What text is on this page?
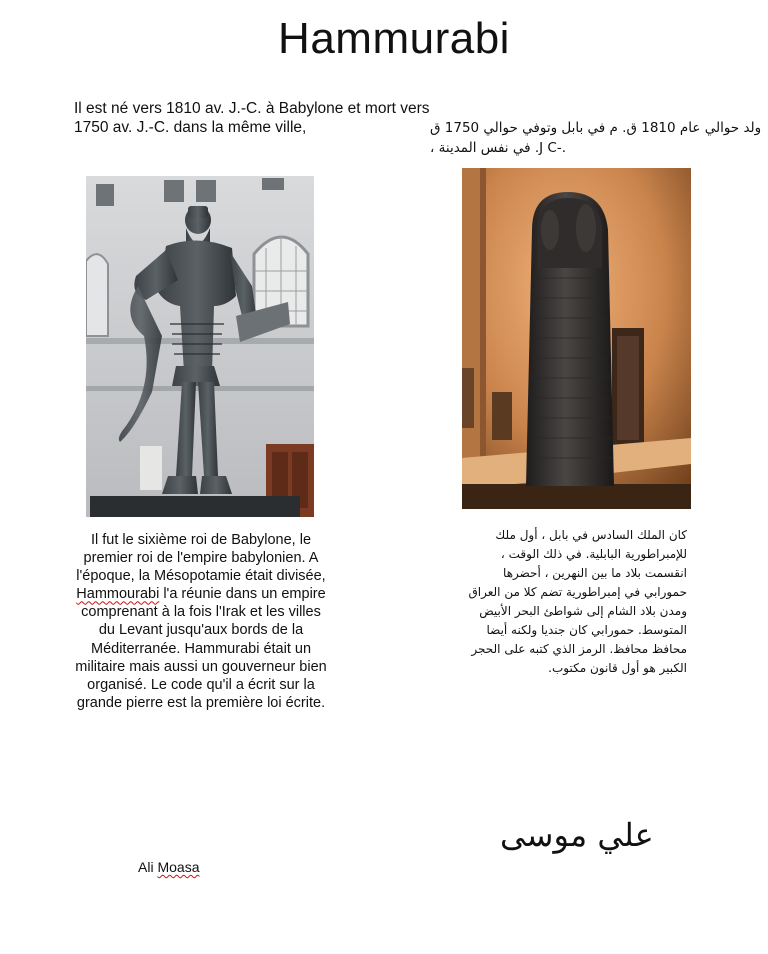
Hammurabi
Il est né vers 1810 av. J.-C. à Babylone et mort vers 1750 av. J.-C. dans la même ville,	ولد حوالي عام 1810 ق. م في بابل وتوفي حوالي 1750 ق .-J C. في نفس المدينة ،
Il fut le sixième roi de Babylone, le premier roi de l'empire babylonien. A l'époque, la Mésopotamie était divisée, Hammourabi l'a réunie dans un empire comprenant à la fois l'Irak et les villes du Levant jusqu'aux bords de la Méditerranée. Hammurabi était un militaire mais aussi un gouverneur bien organisé. Le code qu'il a écrit sur la grande pierre est la première loi écrite.
كان الملك السادس في بابل ، أول ملك للإمبراطورية البابلية. في ذلك الوقت ، انقسمت بلاد ما بين النهرين ، أحضرها حمورابي في إمبراطورية تضم كلا من العراق ومدن بلاد الشام إلى شواطئ البحر الأبيض المتوسط. حمورابي كان جنديا ولكنه أيضا محافظ محافظ. الرمز الذي كتبه على الحجر الكبير هو أول قانون مكتوب.
Ali Moasa
علي موسى
